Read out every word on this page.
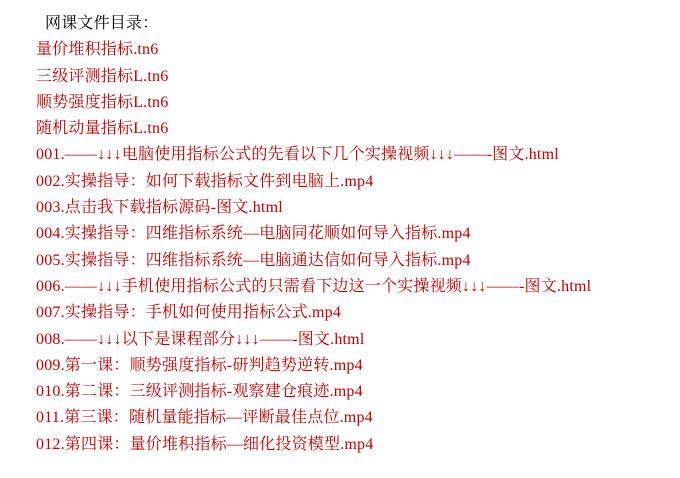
网课文件目录：
量价堆积指标.tn6
三级评测指标L.tn6
顺势强度指标L.tn6
随机动量指标L.tn6
001.——↓↓↓电脑使用指标公式的先看以下几个实操视频↓↓↓——-图文.html
002.实操指导：如何下载指标文件到电脑上.mp4
003.点击我下载指标源码-图文.html
004.实操指导：四维指标系统—电脑同花顺如何导入指标.mp4
005.实操指导：四维指标系统—电脑通达信如何导入指标.mp4
006.——↓↓↓手机使用指标公式的只需看下边这一个实操视频↓↓↓——-图文.html
007.实操指导：手机如何使用指标公式.mp4
008.——↓↓↓以下是课程部分↓↓↓——-图文.html
009.第一课：顺势强度指标-研判趋势逆转.mp4
010.第二课：三级评测指标-观察建仓痕迹.mp4
011.第三课：随机量能指标—评断最佳点位.mp4
012.第四课：量价堆积指标—细化投资模型.mp4
